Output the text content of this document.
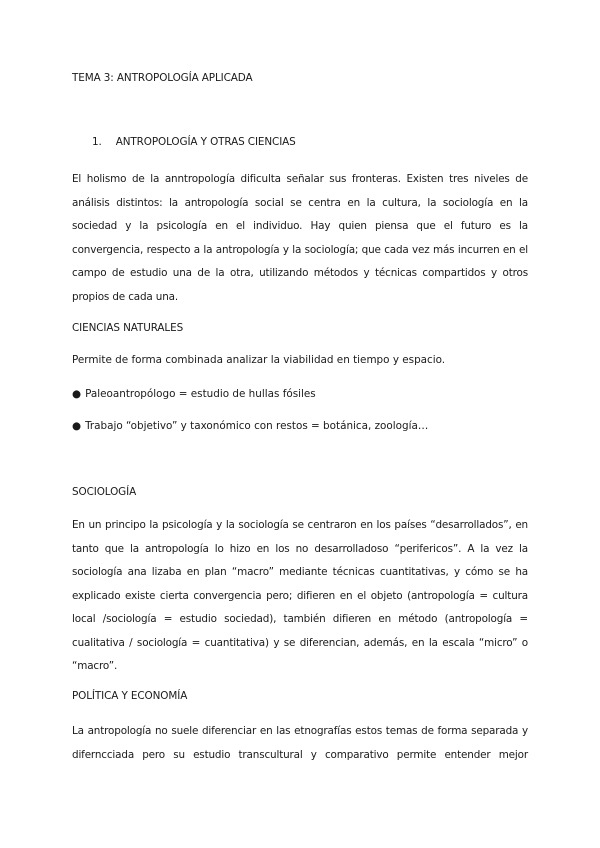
TEMA 3: ANTROPOLOGÍA APLICADA
1. ANTROPOLOGÍA Y OTRAS CIENCIAS
El holismo de la anntropología dificulta señalar sus fronteras. Existen tres niveles de análisis distintos: la antropología social se centra en la cultura, la sociología en la sociedad y la psicología en el individuo. Hay quien piensa que el futuro es la convergencia, respecto a la antropología y la sociología; que cada vez más incurren en el campo de estudio una de la otra, utilizando métodos y técnicas compartidos y otros propios de cada una.
CIENCIAS NATURALES
Permite de forma combinada analizar la viabilidad en tiempo y espacio.
● Paleoantropólogo = estudio de hullas fósiles
● Trabajo “objetivo” y taxonómico con restos = botánica, zoología…
SOCIOLOGÍA
En un principo la psicología y la sociología se centraron en los países “desarrollados”, en tanto que la antropología lo hizo en los no desarrolladoso “perifericos”. A la vez la sociología ana lizaba en plan “macro” mediante técnicas cuantitativas, y cómo se ha explicado existe cierta convergencia pero; difieren en el objeto (antropología = cultura local /sociología = estudio sociedad), también difieren en método (antropología = cualitativa / sociología = cuantitativa) y se diferencian, además, en la escala “micro” o “macro”.
POLÍTICA Y ECONOMÍA
La antropología no suele diferenciar en las etnografías estos temas de forma separada y diferncciada pero su estudio transcultural y comparativo permite entender mejor
